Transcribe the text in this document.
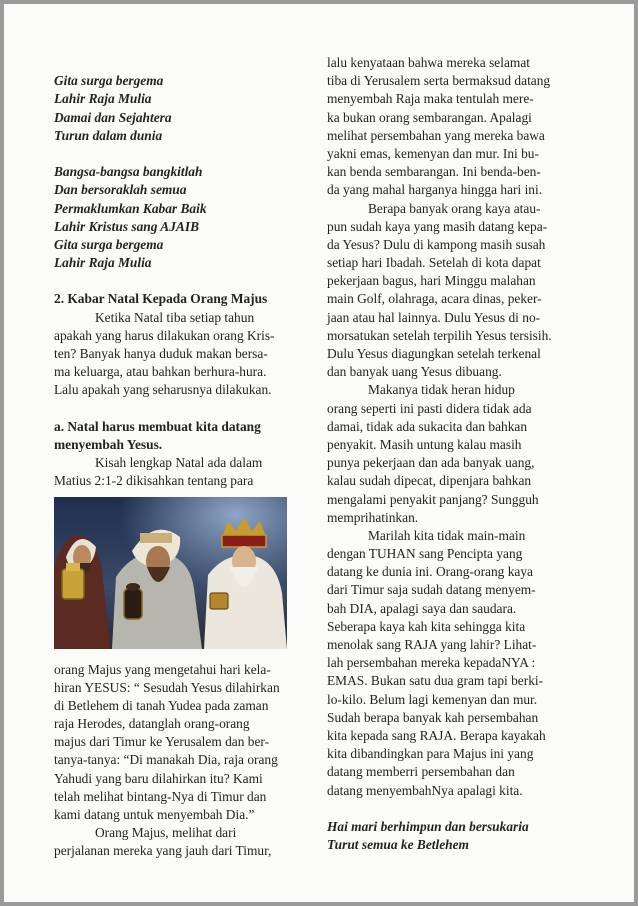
Gita surga bergema
Lahir Raja Mulia
Damai dan Sejahtera
Turun dalam dunia
Bangsa-bangsa bangkitlah
Dan bersoraklah semua
Permaklumkan Kabar Baik
Lahir Kristus sang AJAIB
Gita surga bergema
Lahir Raja Mulia
2. Kabar Natal Kepada Orang Majus
Ketika Natal tiba setiap tahun
apakah yang harus dilakukan orang Kris-
ten? Banyak hanya duduk makan bersa-
ma keluarga, atau bahkan berhura-hura.
Lalu apakah yang seharusnya dilakukan.
a. Natal harus membuat kita datang
menyembah Yesus.
Kisah lengkap Natal ada dalam
Matius 2:1-2 dikisahkan tentang para
orang Majus yang mengetahui hari kela-
hiran YESUS: “ Sesudah Yesus dilahirkan
di Betlehem di tanah Yudea pada zaman
raja Herodes, datanglah orang-orang
majus dari Timur ke Yerusalem dan ber-
tanya-tanya: “Di manakah Dia, raja orang
Yahudi yang baru dilahirkan itu? Kami
telah melihat bintang-Nya di Timur dan
kami datang untuk menyembah Dia.”
Orang Majus, melihat dari
perjalanan mereka yang jauh dari Timur,
lalu kenyataan bahwa mereka selamat
tiba di Yerusalem serta bermaksud datang
menyembah Raja maka tentulah mere-
ka bukan orang sembarangan. Apalagi
melihat persembahan yang mereka bawa
yakni emas, kemenyan dan mur. Ini bu-
kan benda sembarangan. Ini benda-ben-
da yang mahal harganya hingga hari ini.
Berapa banyak orang kaya atau-
pun sudah kaya yang masih datang kepa-
da Yesus? Dulu di kampong masih susah
setiap hari Ibadah. Setelah di kota dapat
pekerjaan bagus, hari Minggu malahan
main Golf, olahraga, acara dinas, peker-
jaan atau hal lainnya. Dulu Yesus di no-
morsatukan setelah terpilih Yesus tersisih.
Dulu Yesus diagungkan setelah terkenal
dan banyak uang Yesus dibuang.
Makanya tidak heran hidup
orang seperti ini pasti didera tidak ada
damai, tidak ada sukacita dan bahkan
penyakit. Masih untung kalau masih
punya pekerjaan dan ada banyak uang,
kalau sudah dipecat, dipenjara bahkan
mengalami penyakit panjang? Sungguh
memprihatinkan.
Marilah kita tidak main-main
dengan TUHAN sang Pencipta yang
datang ke dunia ini. Orang-orang kaya
dari Timur saja sudah datang menyem-
bah DIA, apalagi saya dan saudara.
Seberapa kaya kah kita sehingga kita
menolak sang RAJA yang lahir? Lihat-
lah persembahan mereka kepadaNYA :
EMAS. Bukan satu dua gram tapi berki-
lo-kilo. Belum lagi kemenyan dan mur.
Sudah berapa banyak kah persembahan
kita kepada sang RAJA. Berapa kayakah
kita dibandingkan para Majus ini yang
datang memberri persembahan dan
datang menyembahNya apalagi kita.
Hai mari berhimpun dan bersukaria
Turut semua ke Betlehem
